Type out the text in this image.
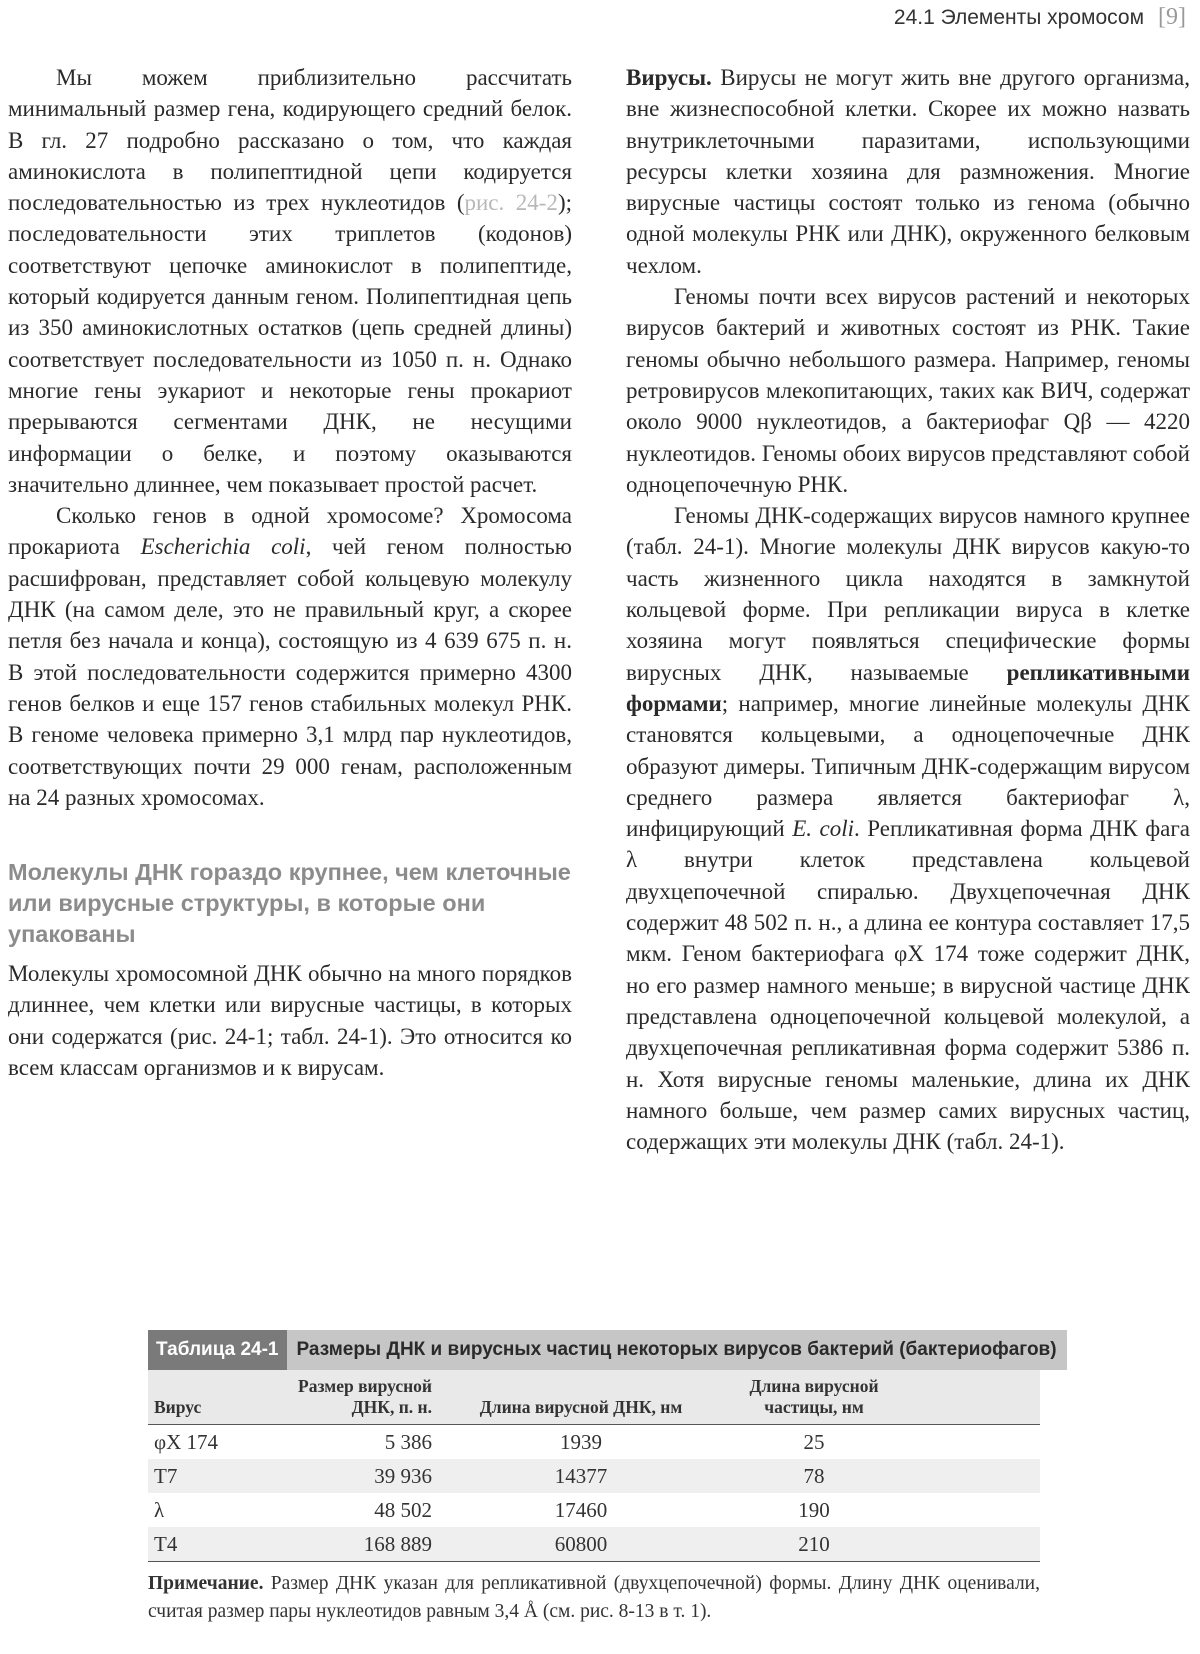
24.1 Элементы хромосом [9]

Мы можем приблизительно рассчитать минимальный размер гена, кодирующего средний белок. В гл. 27 подробно рассказано о том, что каждая аминокислота в полипептидной цепи кодируется последовательностью из трех нуклеотидов (рис. 24-2); последовательности этих триплетов (кодонов) соответствуют цепочке аминокислот в полипептиде, который кодируется данным геном. Полипептидная цепь из 350 аминокислотных остатков (цепь средней длины) соответствует последовательности из 1050 п. н. Однако многие гены эукариот и некоторые гены прокариот прерываются сегментами ДНК, не несущими информации о белке, и поэтому оказываются значительно длиннее, чем показывает простой расчет.

Сколько генов в одной хромосоме? Хромосома прокариота Escherichia coli, чей геном полностью расшифрован, представляет собой кольцевую молекулу ДНК (на самом деле, это не правильный круг, а скорее петля без начала и конца), состоящую из 4 639 675 п. н. В этой последовательности содержится примерно 4300 генов белков и еще 157 генов стабильных молекул РНК. В геноме человека примерно 3,1 млрд пар нуклеотидов, соответствующих почти 29 000 генам, расположенным на 24 разных хромосомах.

Молекулы ДНК гораздо крупнее, чем клеточные или вирусные структуры, в которые они упакованы

Молекулы хромосомной ДНК обычно на много порядков длиннее, чем клетки или вирусные частицы, в которых они содержатся (рис. 24-1; табл. 24-1). Это относится ко всем классам организмов и к вирусам.

Вирусы. Вирусы не могут жить вне другого организма, вне жизнеспособной клетки. Скорее их можно назвать внутриклеточными паразитами, использующими ресурсы клетки хозяина для размножения. Многие вирусные частицы состоят только из генома (обычно одной молекулы РНК или ДНК), окруженного белковым чехлом.

Геномы почти всех вирусов растений и некоторых вирусов бактерий и животных состоят из РНК. Такие геномы обычно небольшого размера. Например, геномы ретровирусов млекопитающих, таких как ВИЧ, содержат около 9000 нуклеотидов, а бактериофаг Qβ — 4220 нуклеотидов. Геномы обоих вирусов представляют собой одноцепочечную РНК.

Геномы ДНК-содержащих вирусов намного крупнее (табл. 24-1). Многие молекулы ДНК вирусов какую-то часть жизненного цикла находятся в замкнутой кольцевой форме. При репликации вируса в клетке хозяина могут появляться специфические формы вирусных ДНК, называемые репликативными формами; например, многие линейные молекулы ДНК становятся кольцевыми, а одноцепочечные ДНК образуют димеры. Типичным ДНК-содержащим вирусом среднего размера является бактериофаг λ, инфицирующий E. coli. Репликативная форма ДНК фага λ внутри клеток представлена кольцевой двухцепочечной спиралью. Двухцепочечная ДНК содержит 48 502 п. н., а длина ее контура составляет 17,5 мкм. Геном бактериофага φX 174 тоже содержит ДНК, но его размер намного меньше; в вирусной частице ДНК представлена одноцепочечной кольцевой молекулой, а двухцепочечная репликативная форма содержит 5386 п. н. Хотя вирусные геномы маленькие, длина их ДНК намного больше, чем размер самих вирусных частиц, содержащих эти молекулы ДНК (табл. 24-1).

Таблица 24-1 Размеры ДНК и вирусных частиц некоторых вирусов бактерий (бактериофагов)
Вирус	Размер вирусной ДНК, п. н.	Длина вирусной ДНК, нм	Длина вирусной частицы, нм	
φX 174	5 386	1939	25	
T7	39 936	14377	78	
λ	48 502	17460	190	
T4	168 889	60800	210	
Примечание. Размер ДНК указан для репликативной (двухцепочечной) формы. Длину ДНК оценивали, считая размер пары нуклеотидов равным 3,4 Å (см. рис. 8-13 в т. 1).
